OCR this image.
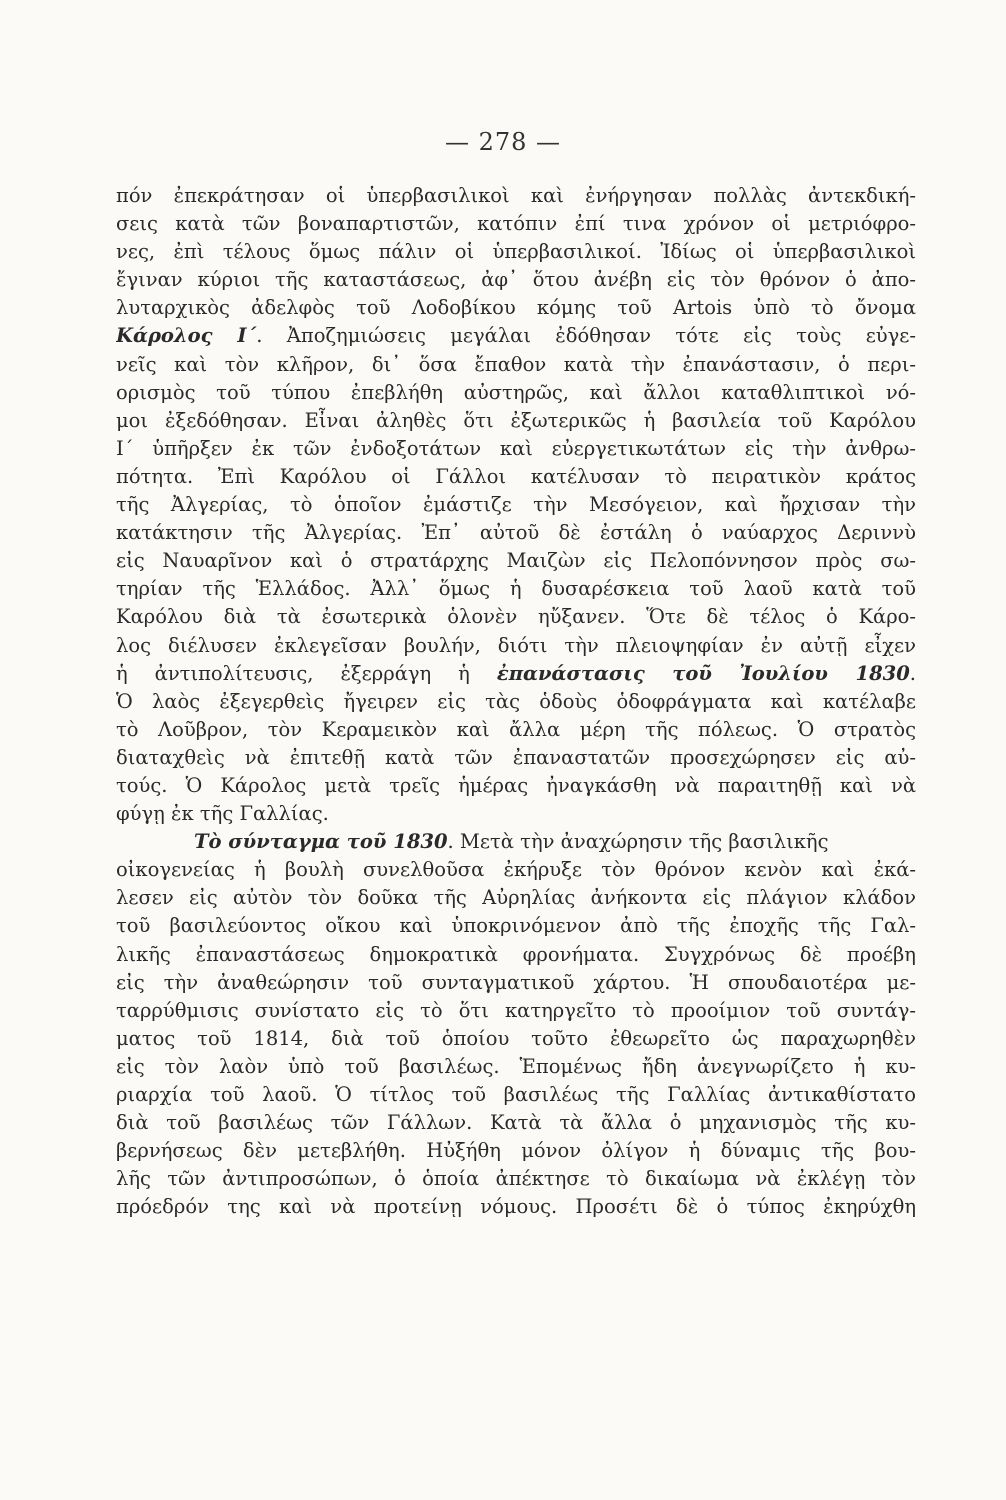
— 278 —
πόν ἐπεκράτησαν οἱ ὑπερβασιλικοὶ καὶ ἐνήργησαν πολλὰς ἀντεκδική-
σεις κατὰ τῶν βοναπαρτιστῶν, κατόπιν ἐπί τινα χρόνον οἱ μετριόφρο-
νες, ἐπὶ τέλους ὅμως πάλιν οἱ ὑπερβασιλικοί. Ἰδίως οἱ ὑπερβασιλικοὶ
ἔγιναν κύριοι τῆς καταστάσεως, ἀφ᾽ ὅτου ἀνέβη εἰς τὸν θρόνον ὁ ἀπο-
λυταρχικὸς ἀδελφὸς τοῦ Λοδοβίκου κόμης τοῦ Artois ὑπὸ τὸ ὄνομα
Κάρολος Ι΄. Ἀποζημιώσεις μεγάλαι ἐδόθησαν τότε εἰς τοὺς εὐγε-
νεῖς καὶ τὸν κλῆρον, δι᾽ ὅσα ἔπαθον κατὰ τὴν ἐπανάστασιν, ὁ περι-
ορισμὸς τοῦ τύπου ἐπεβλήθη αὐστηρῶς, καὶ ἄλλοι καταθλιπτικοὶ νό-
μοι ἐξεδόθησαν. Εἶναι ἀληθὲς ὅτι ἐξωτερικῶς ἡ βασιλεία τοῦ Καρόλου
Ι΄ ὑπῆρξεν ἐκ τῶν ἐνδοξοτάτων καὶ εὐεργετικωτάτων εἰς τὴν ἀνθρω-
πότητα. Ἐπὶ Καρόλου οἱ Γάλλοι κατέλυσαν τὸ πειρατικὸν κράτος
τῆς Ἀλγερίας, τὸ ὁποῖον ἐμάστιζε τὴν Μεσόγειον, καὶ ἤρχισαν τὴν
κατάκτησιν τῆς Ἀλγερίας. Ἐπ᾽ αὐτοῦ δὲ ἐστάλη ὁ ναύαρχος Δεριννὺ
εἰς Ναυαρῖνον καὶ ὁ στρατάρχης Μαιζὼν εἰς Πελοπόννησον πρὸς σω-
τηρίαν τῆς Ἑλλάδος. Ἀλλ᾽ ὅμως ἡ δυσαρέσκεια τοῦ λαοῦ κατὰ τοῦ
Καρόλου διὰ τὰ ἐσωτερικὰ ὁλονὲν ηὔξανεν. Ὅτε δὲ τέλος ὁ Κάρο-
λος διέλυσεν ἐκλεγεῖσαν βουλήν, διότι τὴν πλειοψηφίαν ἐν αὐτῇ εἶχεν
ἡ ἀντιπολίτευσις, ἐξερράγη ἡ ἐπανάστασις τοῦ Ἰουλίου 1830.
Ὁ λαὸς ἐξεγερθεὶς ἤγειρεν εἰς τὰς ὁδοὺς ὁδοφράγματα καὶ κατέλαβε
τὸ Λοῦβρον, τὸν Κεραμεικὸν καὶ ἄλλα μέρη τῆς πόλεως. Ὁ στρατὸς
διαταχθεὶς νὰ ἐπιτεθῇ κατὰ τῶν ἐπαναστατῶν προσεχώρησεν εἰς αὐ-
τούς. Ὁ Κάρολος μετὰ τρεῖς ἡμέρας ἠναγκάσθη νὰ παραιτηθῇ καὶ νὰ
φύγῃ ἐκ τῆς Γαλλίας.
Τὸ σύνταγμα τοῦ 1830. Μετὰ τὴν ἀναχώρησιν τῆς βασιλικῆς
οἰκογενείας ἡ βουλὴ συνελθοῦσα ἐκήρυξε τὸν θρόνον κενὸν καὶ ἐκά-
λεσεν εἰς αὐτὸν τὸν δοῦκα τῆς Αὐρηλίας ἀνήκοντα εἰς πλάγιον κλάδον
τοῦ βασιλεύοντος οἴκου καὶ ὑποκρινόμενον ἀπὸ τῆς ἐποχῆς τῆς Γαλ-
λικῆς ἐπαναστάσεως δημοκρατικὰ φρονήματα. Συγχρόνως δὲ προέβη
εἰς τὴν ἀναθεώρησιν τοῦ συνταγματικοῦ χάρτου. Ἡ σπουδαιοτέρα με-
ταρρύθμισις συνίστατο εἰς τὸ ὅτι κατηργεῖτο τὸ προοίμιον τοῦ συντάγ-
ματος τοῦ 1814, διὰ τοῦ ὁποίου τοῦτο ἐθεωρεῖτο ὡς παραχωρηθὲν
εἰς τὸν λαὸν ὑπὸ τοῦ βασιλέως. Ἑπομένως ἤδη ἀνεγνωρίζετο ἡ κυ-
ριαρχία τοῦ λαοῦ. Ὁ τίτλος τοῦ βασιλέως τῆς Γαλλίας ἀντικαθίστατο
διὰ τοῦ βασιλέως τῶν Γάλλων. Κατὰ τὰ ἄλλα ὁ μηχανισμὸς τῆς κυ-
βερνήσεως δὲν μετεβλήθη. Ηὐξήθη μόνον ὀλίγον ἡ δύναμις τῆς βου-
λῆς τῶν ἀντιπροσώπων, ὁ ὁποία ἀπέκτησε τὸ δικαίωμα νὰ ἐκλέγῃ τὸν
πρόεδρόν της καὶ νὰ προτείνῃ νόμους. Προσέτι δὲ ὁ τύπος ἐκηρύχθη
